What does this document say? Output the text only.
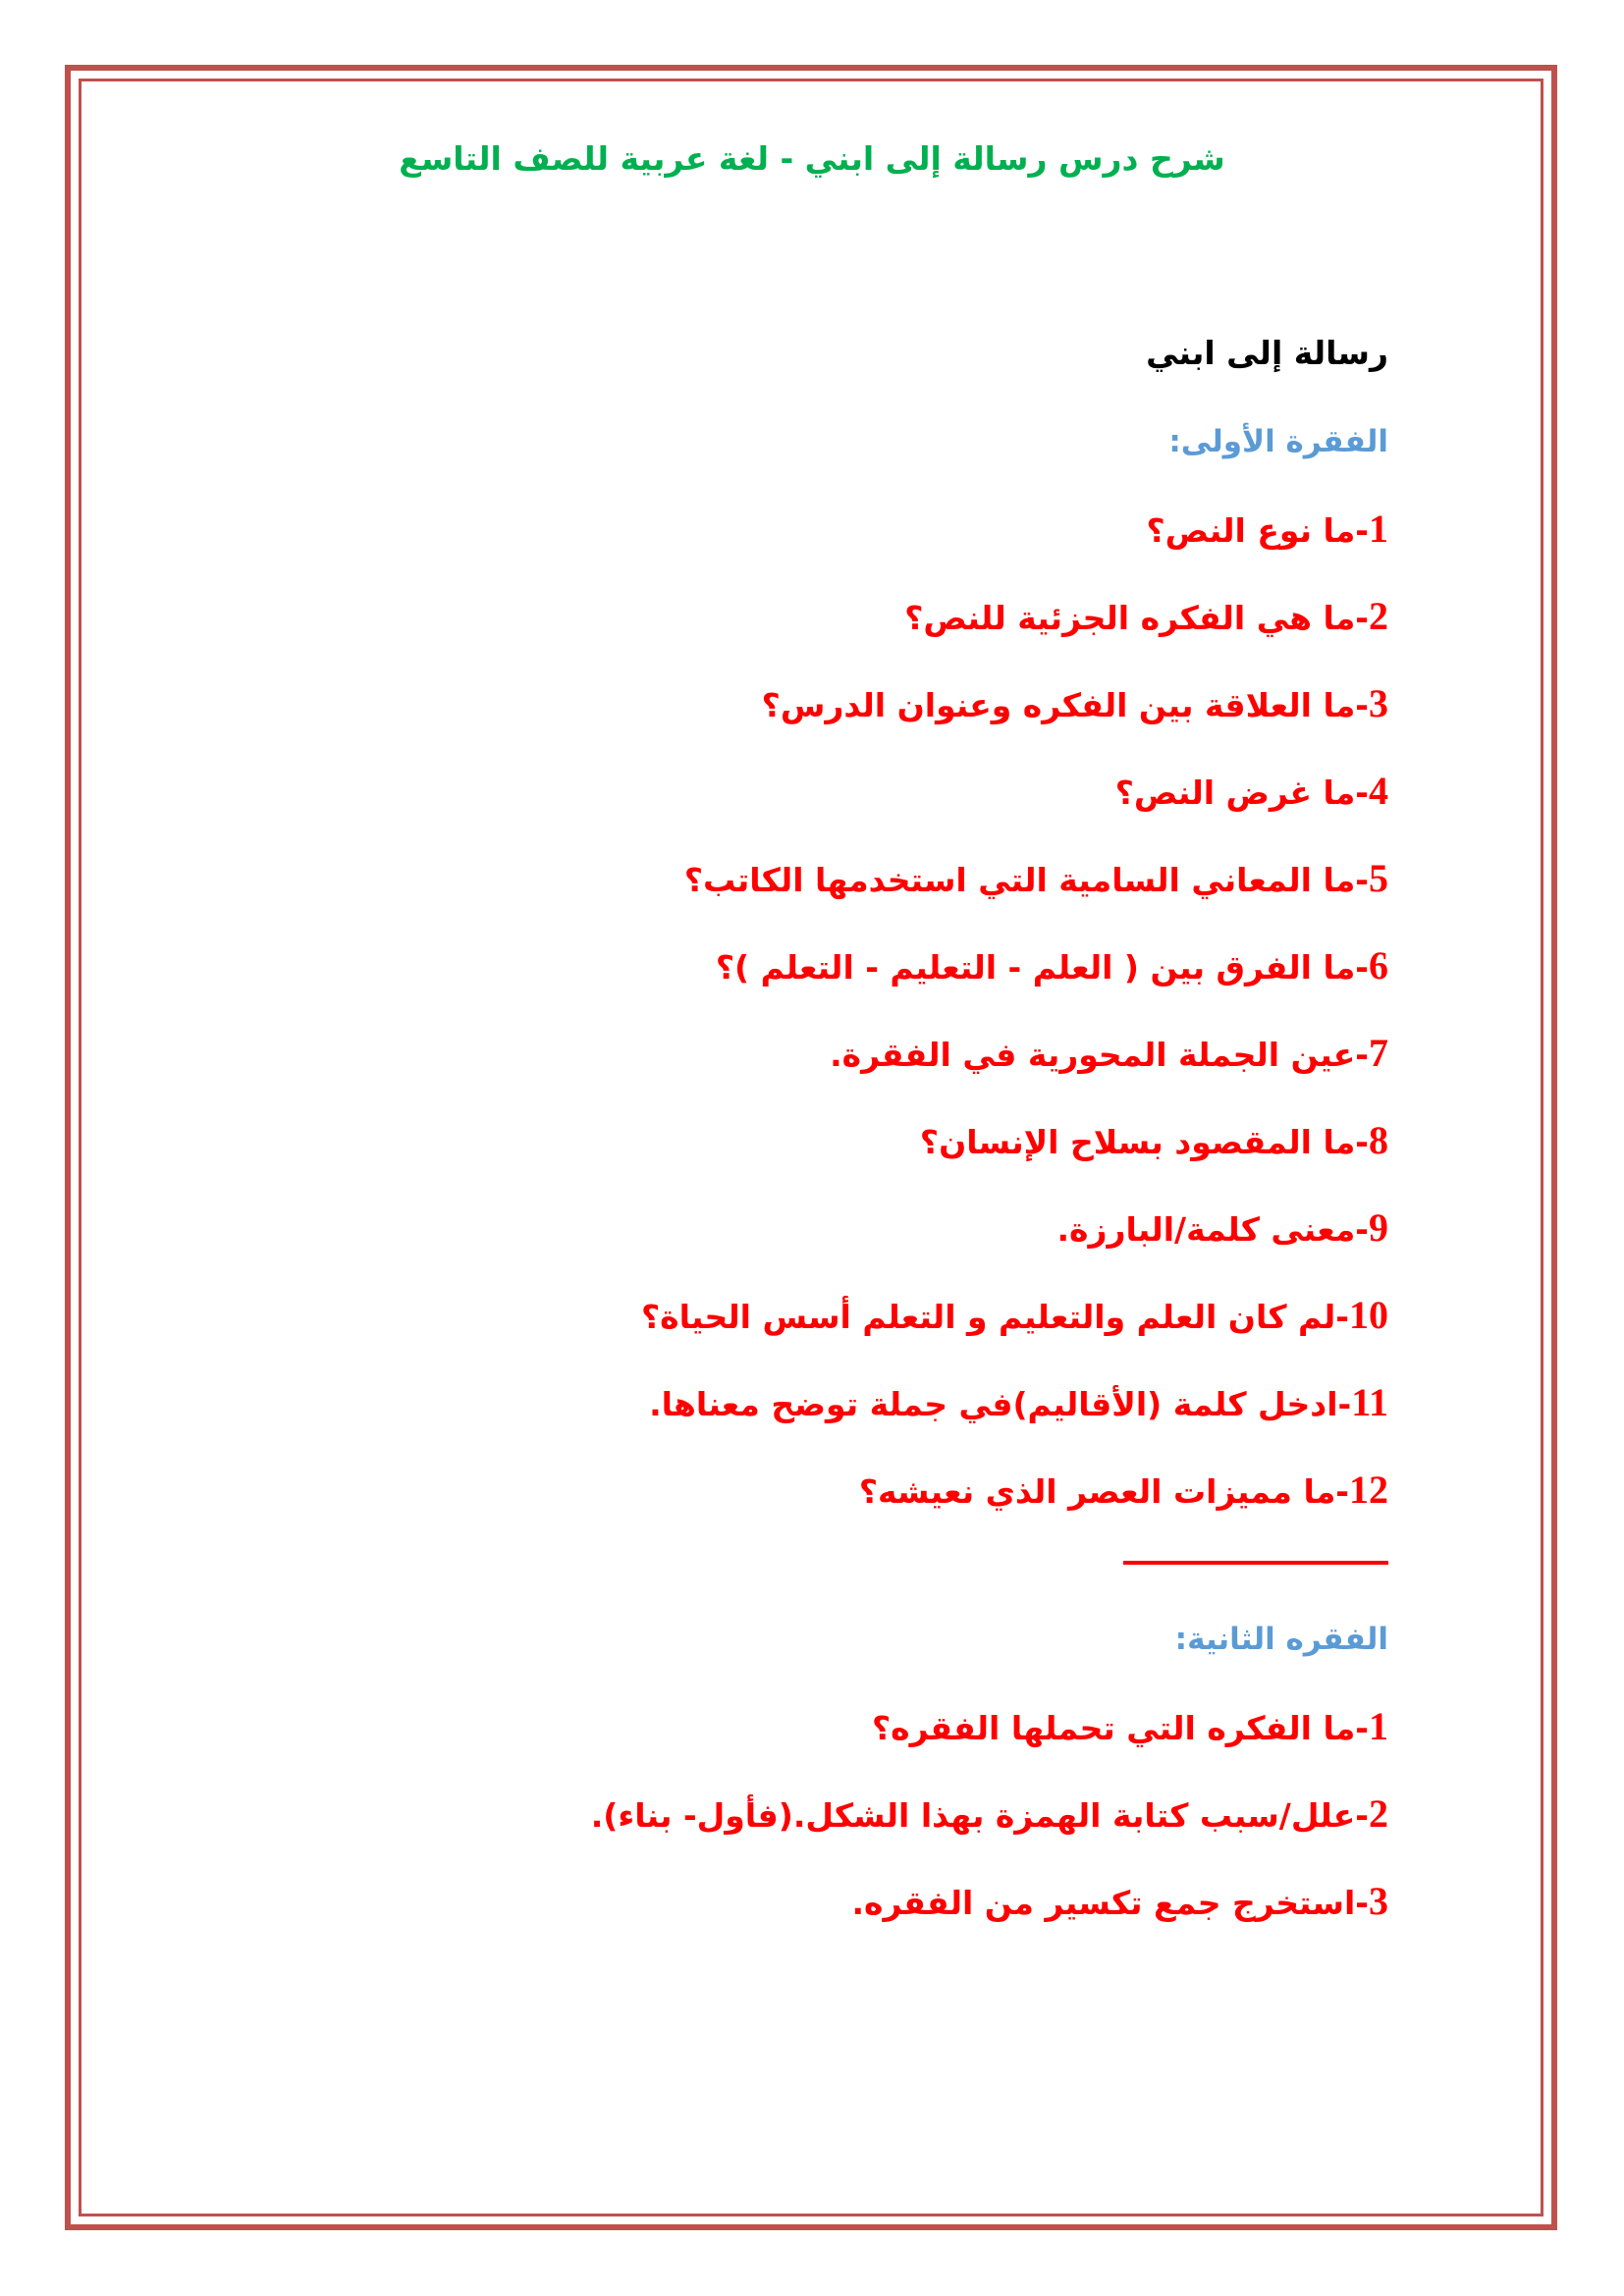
شرح درس رسالة إلى ابني - لغة عربية للصف التاسع
رسالة إلى ابني
الفقرة الأولى:
1-ما نوع النص؟
2-ما هي الفكره الجزئية للنص؟
3-ما العلاقة بين الفكره وعنوان الدرس؟
4-ما غرض النص؟
5-ما المعاني السامية التي استخدمها الكاتب؟
6-ما الفرق بين ( العلم - التعليم - التعلم )؟
7-عين الجملة المحورية في الفقرة.
8-ما المقصود بسلاح الإنسان؟
9-معنى كلمة/البارزة.
10-لم كان العلم والتعليم و التعلم أسس الحياة؟
11-ادخل كلمة (الأقاليم)في جملة توضح معناها.
12-ما مميزات العصر الذي نعيشه؟
الفقره الثانية:
1-ما الفكره التي تحملها الفقره؟
2-علل/سبب كتابة الهمزة بهذا الشكل.(فأول- بناء).
3-استخرج جمع تكسير من الفقره.
